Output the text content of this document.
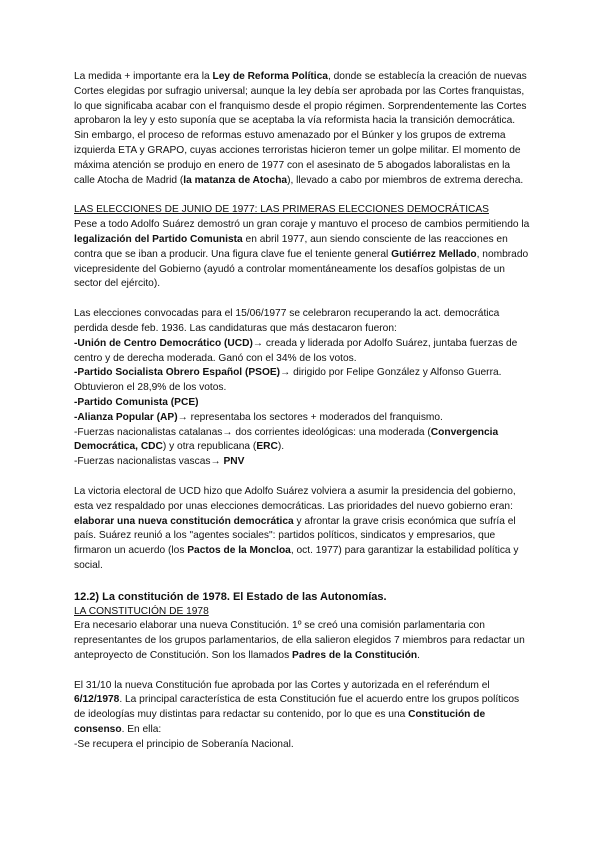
La medida + importante era la Ley de Reforma Política, donde se establecía la creación de nuevas Cortes elegidas por sufragio universal; aunque la ley debía ser aprobada por las Cortes franquistas, lo que significaba acabar con el franquismo desde el propio régimen. Sorprendentemente las Cortes aprobaron la ley y esto suponía que se aceptaba la vía reformista hacia la transición democrática. Sin embargo, el proceso de reformas estuvo amenazado por el Búnker y los grupos de extrema izquierda ETA y GRAPO, cuyas acciones terroristas hicieron temer un golpe militar. El momento de máxima atención se produjo en enero de 1977 con el asesinato de 5 abogados laboralistas en la calle Atocha de Madrid (la matanza de Atocha), llevado a cabo por miembros de extrema derecha.

LAS ELECCIONES DE JUNIO DE 1977: LAS PRIMERAS ELECCIONES DEMOCRÁTICAS

Pese a todo Adolfo Suárez demostró un gran coraje y mantuvo el proceso de cambios permitiendo la legalización del Partido Comunista en abril 1977, aun siendo consciente de las reacciones en contra que se iban a producir. Una figura clave fue el teniente general Gutiérrez Mellado, nombrado vicepresidente del Gobierno (ayudó a controlar momentáneamente los desafíos golpistas de un sector del ejército).

Las elecciones convocadas para el 15/06/1977 se celebraron recuperando la act. democrática perdida desde feb. 1936. Las candidaturas que más destacaron fueron:

-Unión de Centro Democrático (UCD)→ creada y liderada por Adolfo Suárez, juntaba fuerzas de centro y de derecha moderada. Ganó con el 34% de los votos.

-Partido Socialista Obrero Español (PSOE)→ dirigido por Felipe González y Alfonso Guerra. Obtuvieron el 28,9% de los votos.

-Partido Comunista (PCE)

-Alianza Popular (AP)→ representaba los sectores + moderados del franquismo.

-Fuerzas nacionalistas catalanas→ dos corrientes ideológicas: una moderada (Convergencia Democrática, CDC) y otra republicana (ERC).

-Fuerzas nacionalistas vascas→ PNV

La victoria electoral de UCD hizo que Adolfo Suárez volviera a asumir la presidencia del gobierno, esta vez respaldado por unas elecciones democráticas. Las prioridades del nuevo gobierno eran: elaborar una nueva constitución democrática y afrontar la grave crisis económica que sufría el país. Suárez reunió a los "agentes sociales": partidos políticos, sindicatos y empresarios, que firmaron un acuerdo (los Pactos de la Moncloa, oct. 1977) para garantizar la estabilidad política y social.

12.2) La constitución de 1978. El Estado de las Autonomías.

LA CONSTITUCIÓN DE 1978

Era necesario elaborar una nueva Constitución. 1º se creó una comisión parlamentaria con representantes de los grupos parlamentarios, de ella salieron elegidos 7 miembros para redactar un anteproyecto de Constitución. Son los llamados Padres de la Constitución.

El 31/10 la nueva Constitución fue aprobada por las Cortes y autorizada en el referéndum el 6/12/1978. La principal característica de esta Constitución fue el acuerdo entre los grupos políticos de ideologías muy distintas para redactar su contenido, por lo que es una Constitución de consenso. En ella:

-Se recupera el principio de Soberanía Nacional.
